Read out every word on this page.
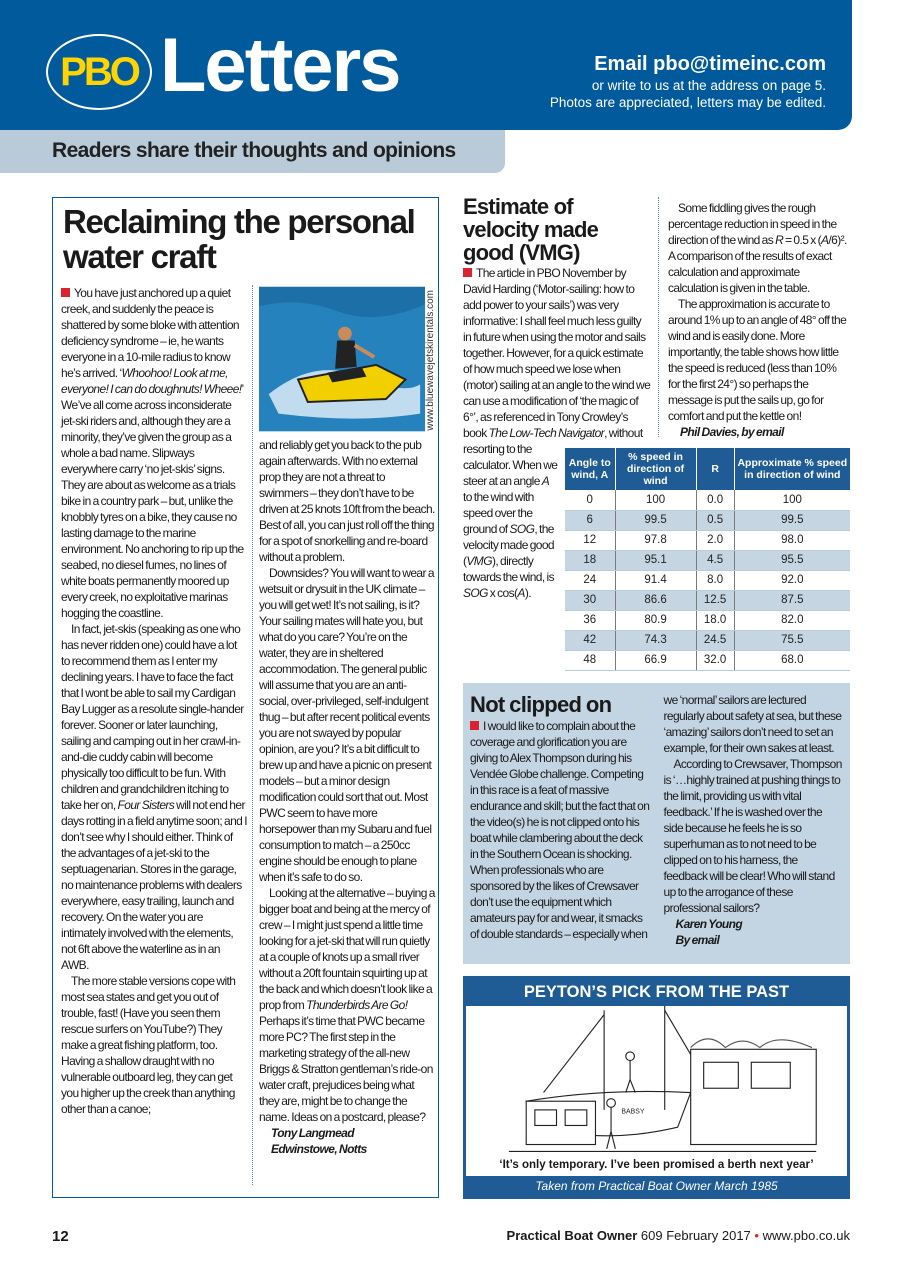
PBO Letters	Email pbo@timeinc.com
or write to us at the address on page 5.
Photos are appreciated, letters may be edited.
Readers share their thoughts and opinions
Reclaiming the personal water craft

You have just anchored up a quiet creek, and suddenly the peace is shattered by some bloke with attention deficiency syndrome – ie, he wants everyone in a 10-mile radius to know he’s arrived. ‘Whoohoo! Look at me, everyone! I can do doughnuts! Wheee!’ We’ve all come across inconsiderate jet-ski riders and, although they are a minority, they’ve given the group as a whole a bad name. Slipways everywhere carry ‘no jet-skis’ signs. They are about as welcome as a trials bike in a country park – but, unlike the knobbly tyres on a bike, they cause no lasting damage to the marine environment. No anchoring to rip up the seabed, no diesel fumes, no lines of white boats permanently moored up every creek, no exploitative marinas hogging the coastline.

In fact, jet-skis (speaking as one who has never ridden one) could have a lot to recommend them as I enter my declining years. I have to face the fact that I wont be able to sail my Cardigan Bay Lugger as a resolute single-hander forever. Sooner or later launching, sailing and camping out in her crawl-in-and-die cuddy cabin will become physically too difficult to be fun. With children and grandchildren itching to take her on, Four Sisters will not end her days rotting in a field anytime soon; and I don’t see why I should either. Think of the advantages of a jet-ski to the septuagenarian. Stores in the garage, no maintenance problems with dealers everywhere, easy trailing, launch and recovery. On the water you are intimately involved with the elements, not 6ft above the waterline as in an AWB.

The more stable versions cope with most sea states and get you out of trouble, fast! (Have you seen them rescue surfers on YouTube?) They make a great fishing platform, too. Having a shallow draught with no vulnerable outboard leg, they can get you higher up the creek than anything other than a canoe;

and reliably get you back to the pub again afterwards. With no external prop they are not a threat to swimmers – they don’t have to be driven at 25 knots 10ft from the beach. Best of all, you can just roll off the thing for a spot of snorkelling and re-board without a problem.

Downsides? You will want to wear a wetsuit or drysuit in the UK climate – you will get wet! It’s not sailing, is it? Your sailing mates will hate you, but what do you care? You’re on the water, they are in sheltered accommodation. The general public will assume that you are an anti-social, over-privileged, self-indulgent thug – but after recent political events you are not swayed by popular opinion, are you? It’s a bit difficult to brew up and have a picnic on present models – but a minor design modification could sort that out. Most PWC seem to have more horsepower than my Subaru and fuel consumption to match – a 250cc engine should be enough to plane when it’s safe to do so.

Looking at the alternative – buying a bigger boat and being at the mercy of crew – I might just spend a little time looking for a jet-ski that will run quietly at a couple of knots up a small river without a 20ft fountain squirting up at the back and which doesn’t look like a prop from Thunderbirds Are Go! Perhaps it’s time that PWC became more PC? The first step in the marketing strategy of the all-new Briggs & Stratton gentleman’s ride-on water craft, prejudices being what they are, might be to change the name. Ideas on a postcard, please?

Tony Langmead
Edwinstowe, Notts
www.bluewavejetskirentals.com
Estimate of velocity made good (VMG)

The article in PBO November by David Harding (‘Motor-sailing: how to add power to your sails’) was very informative: I shall feel much less guilty in future when using the motor and sails together. However, for a quick estimate of how much speed we lose when (motor) sailing at an angle to the wind we can use a modification of ‘the magic of 6°’, as referenced in Tony Crowley’s book The Low-Tech Navigator, without resorting to the calculator. When we steer at an angle A to the wind with speed over the ground of SOG, the velocity made good (VMG), directly towards the wind, is SOG x cos(A).

Some fiddling gives the rough percentage reduction in speed in the direction of the wind as R = 0.5 x (A/6)². A comparison of the results of exact calculation and approximate calculation is given in the table.

The approximation is accurate to around 1% up to an angle of 48° off the wind and is easily done. More importantly, the table shows how little the speed is reduced (less than 10% for the first 24°) so perhaps the message is put the sails up, go for comfort and put the kettle on!

Phil Davies, by email
Angle to wind, A	% speed in direction of wind	R	Approximate % speed in direction of wind
0	100	0.0	100
6	99.5	0.5	99.5
12	97.8	2.0	98.0
18	95.1	4.5	95.5
24	91.4	8.0	92.0
30	86.6	12.5	87.5
36	80.9	18.0	82.0
42	74.3	24.5	75.5
48	66.9	32.0	68.0
Not clipped on

I would like to complain about the coverage and glorification you are giving to Alex Thompson during his Vendée Globe challenge. Competing in this race is a feat of massive endurance and skill; but the fact that on the video(s) he is not clipped onto his boat while clambering about the deck in the Southern Ocean is shocking. When professionals who are sponsored by the likes of Crewsaver don’t use the equipment which amateurs pay for and wear, it smacks of double standards – especially when we ‘normal’ sailors are lectured regularly about safety at sea, but these ‘amazing’ sailors don’t need to set an example, for their own sakes at least.

According to Crewsaver, Thompson is ‘…highly trained at pushing things to the limit, providing us with vital feedback.’ If he is washed over the side because he feels he is so superhuman as to not need to be clipped on to his harness, the feedback will be clear! Who will stand up to the arrogance of these professional sailors?

Karen Young
By email
PEYTON’S PICK FROM THE PAST
BABSY
‘It’s only temporary. I’ve been promised a berth next year’
Taken from Practical Boat Owner March 1985
12	Practical Boat Owner 609 February 2017 • www.pbo.co.uk
